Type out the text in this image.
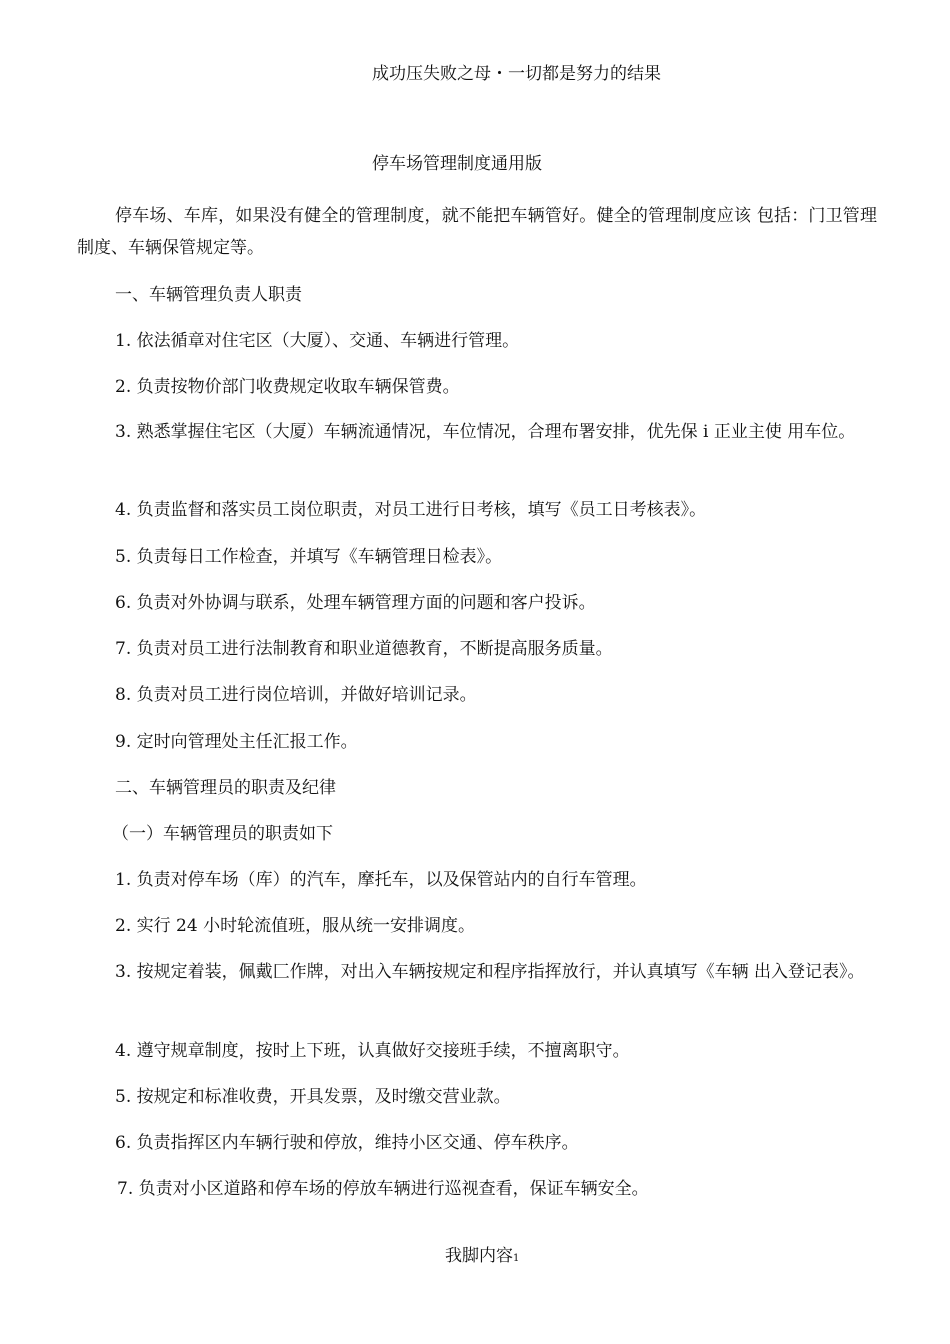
成功压失败之母・一切都是努力的结果
停车场管理制度通用版
停车场、车库，如果没有健全的管理制度，就不能把车辆管好。健全的管理制度应该 包括：门卫管理制度、车辆保管规定等。
一、车辆管理负责人职责
1. 依法循章对住宅区（大厦）、交通、车辆进行管理。
2. 负责按物价部门收费规定收取车辆保管费。
3. 熟悉掌握住宅区（大厦）车辆流通情况，车位情况，合理布署安排，优先保 i 正业主使 用车位。
4. 负责监督和落实员工岗位职责，对员工进行日考核，填写《员工日考核表》。
5. 负责每日工作检查，并填写《车辆管理日检表》。
6. 负责对外协调与联系，处理车辆管理方面的问题和客户投诉。
7. 负责对员工进行法制教育和职业道德教育，不断提高服务质量。
8. 负责对员工进行岗位培训，并做好培训记录。
9. 定时向管理处主任汇报工作。
二、车辆管理员的职责及纪律
（一）车辆管理员的职责如下
1. 负责对停车场（库）的汽车，摩托车，以及保管站内的自行车管理。
2. 实行 24 小时轮流值班，服从统一安排调度。
3. 按规定着装，佩戴匚作牌，对出入车辆按规定和程序指挥放行，并认真填写《车辆 出入登记表》。
4. 遵守规章制度，按时上下班，认真做好交接班手续，不擅离职守。
5. 按规定和标准收费，开具发票，及时缴交营业款。
6. 负责指挥区内车辆行驶和停放，维持小区交通、停车秩序。
7. 负责对小区道路和停车场的停放车辆进行巡视查看，保证车辆安全。
我脚内容1
